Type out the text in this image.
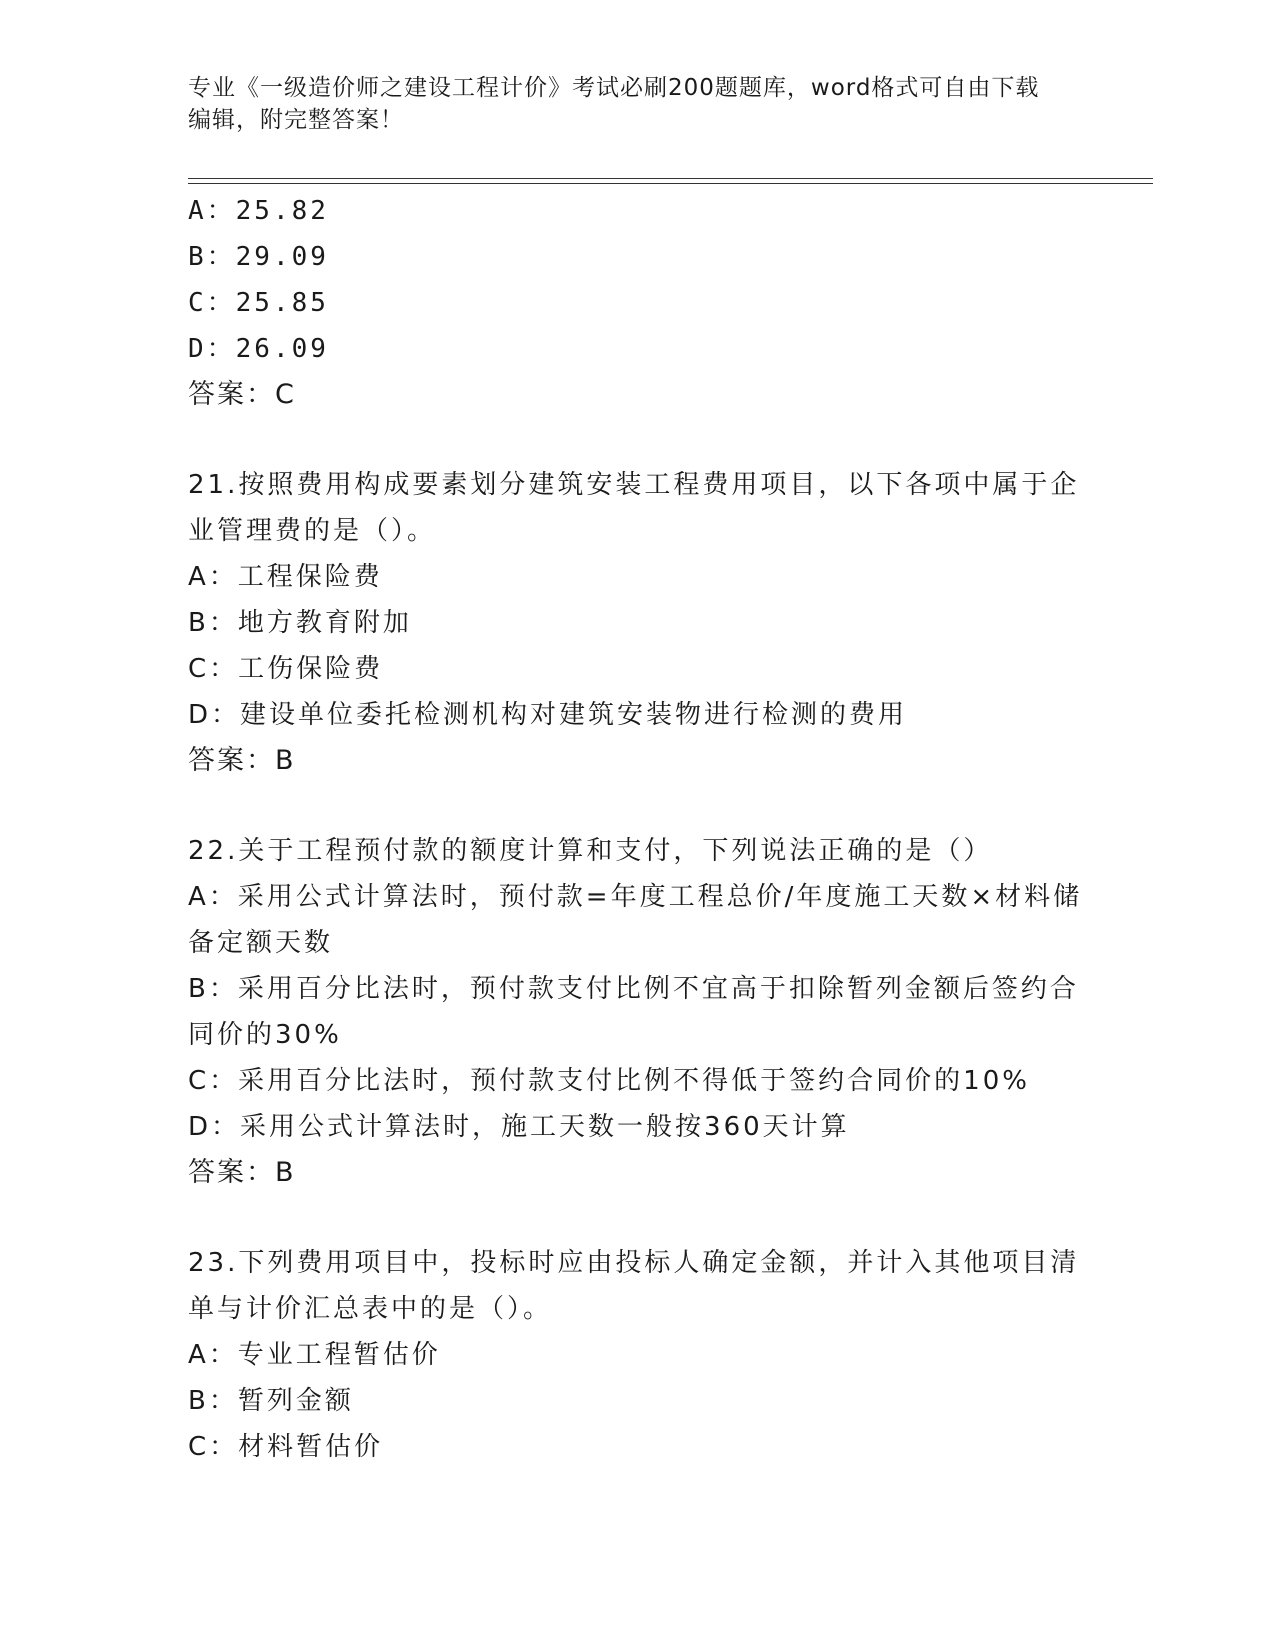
专业《一级造价师之建设工程计价》考试必刷200题题库，word格式可自由下载
编辑，附完整答案！
A：25.82
B：29.09
C：25.85
D：26.09
答案：C
21.按照费用构成要素划分建筑安装工程费用项目，以下各项中属于企
业管理费的是（）。
A：工程保险费
B：地方教育附加
C：工伤保险费
D：建设单位委托检测机构对建筑安装物进行检测的费用
答案：B
22.关于工程预付款的额度计算和支付，下列说法正确的是（）
A：采用公式计算法时，预付款=年度工程总价/年度施工天数×材料储
备定额天数
B：采用百分比法时，预付款支付比例不宜高于扣除暂列金额后签约合
同价的30%
C：采用百分比法时，预付款支付比例不得低于签约合同价的10%
D：采用公式计算法时，施工天数一般按360天计算
答案：B
23.下列费用项目中，投标时应由投标人确定金额，并计入其他项目清
单与计价汇总表中的是（）。
A：专业工程暂估价
B：暂列金额
C：材料暂估价
